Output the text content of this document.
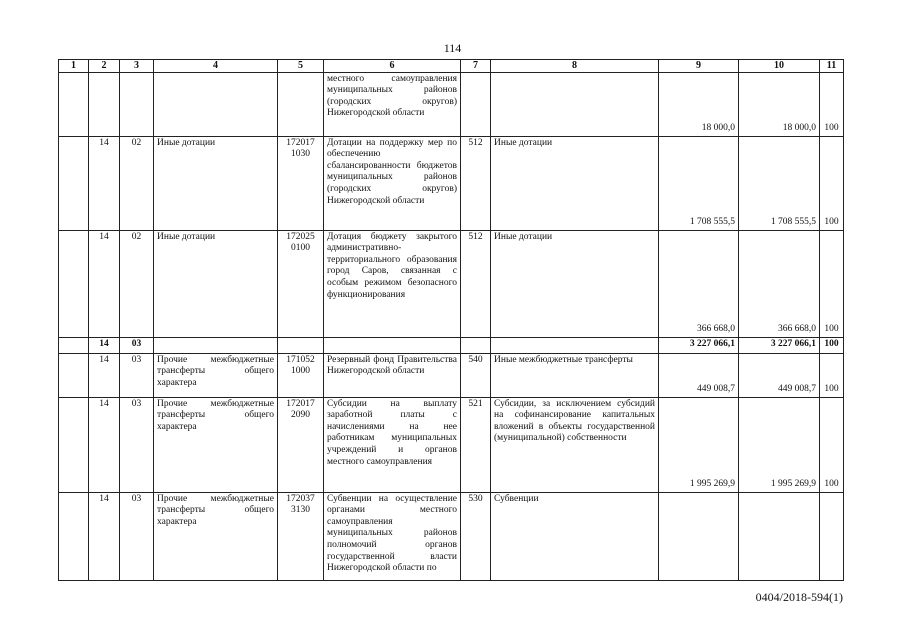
114
1	2	3	4	5	6	7	8	9	10	11
					местного самоуправления муниципальных районов (городских округов) Нижегородской области			18 000,0	18 000,0	100
	14	02	Иные дотации	172017 1030	Дотации на поддержку мер по обеспечению сбалансированности бюджетов муниципальных районов (городских округов) Нижегородской области	512	Иные дотации	1 708 555,5	1 708 555,5	100
	14	02	Иные дотации	172025 0100	Дотация бюджету закрытого административно-территориального образования город Саров, связанная с особым режимом безопасного функционирования	512	Иные дотации	366 668,0	366 668,0	100
	14	03						3 227 066,1	3 227 066,1	100
	14	03	Прочие межбюджетные трансферты общего характера	171052 1000	Резервный фонд Правительства Нижегородской области	540	Иные межбюджетные трансферты	449 008,7	449 008,7	100
	14	03	Прочие межбюджетные трансферты общего характера	172017 2090	Субсидии на выплату заработной платы с начислениями на нее работникам муниципальных учреждений и органов местного самоуправления	521	Субсидии, за исключением субсидий на софинансирование капитальных вложений в объекты государственной (муниципальной) собственности	1 995 269,9	1 995 269,9	100
	14	03	Прочие межбюджетные трансферты общего характера	172037 3130	Субвенции на осуществление органами местного самоуправления муниципальных районов полномочий органов государственной власти Нижегородской области по	530	Субвенции			
0404/2018-594(1)
